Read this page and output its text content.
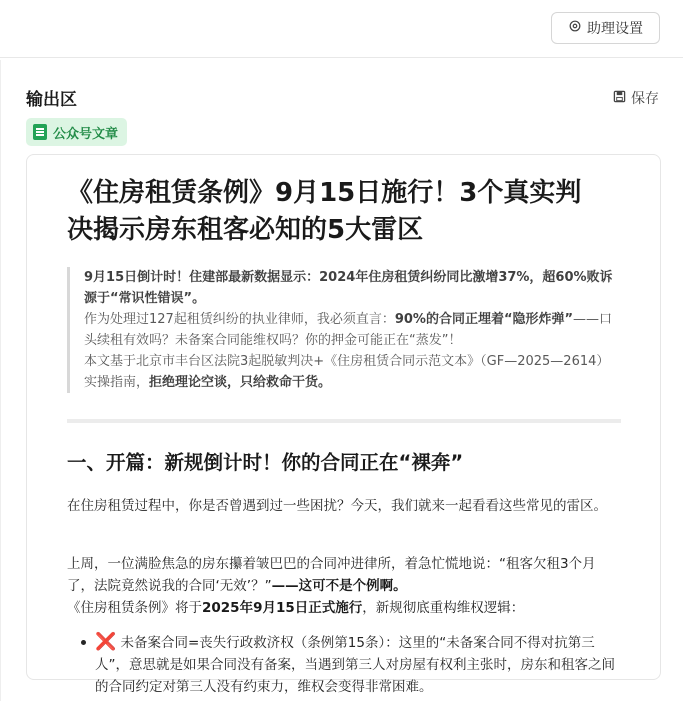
助理设置
输出区	保存
公众号文章
《住房租赁条例》9月15日施行！3个真实判
决揭示房东租客必知的5大雷区

9月15日倒计时！住建部最新数据显示：2024年住房租赁纠纷同比激增37%，超60%败诉源于“常识性错误”。

作为处理过127起租赁纠纷的执业律师，我必须直言：90%的合同正埋着“隐形炸弹”——口头续租有效吗？未备案合同能维权吗？你的押金可能正在“蒸发”！

本文基于北京市丰台区法院3起脱敏判决+《住房租赁合同示范文本》（GF—2025—2614）实操指南，拒绝理论空谈，只给救命干货。

一、开篇：新规倒计时！你的合同正在“裸奔”
在住房租赁过程中，你是否曾遇到过一些困扰？今天，我们就来一起看看这些常见的雷区。
上周，一位满脸焦急的房东攥着皱巴巴的合同冲进律所，着急忙慌地说：“租客欠租3个月了，法院竟然说我的合同‘无效’？”——这可不是个例啊。
《住房租赁条例》将于2025年9月15日正式施行，新规彻底重构维权逻辑：
❌ 未备案合同=丧失行政救济权（条例第15条）：这里的“未备案合同不得对抗第三人”，意思就是如果合同没有备案，当遇到第三人对房屋有权利主张时，房东和租客之间的合同约定对第三人没有约束力，维权会变得非常困难。
